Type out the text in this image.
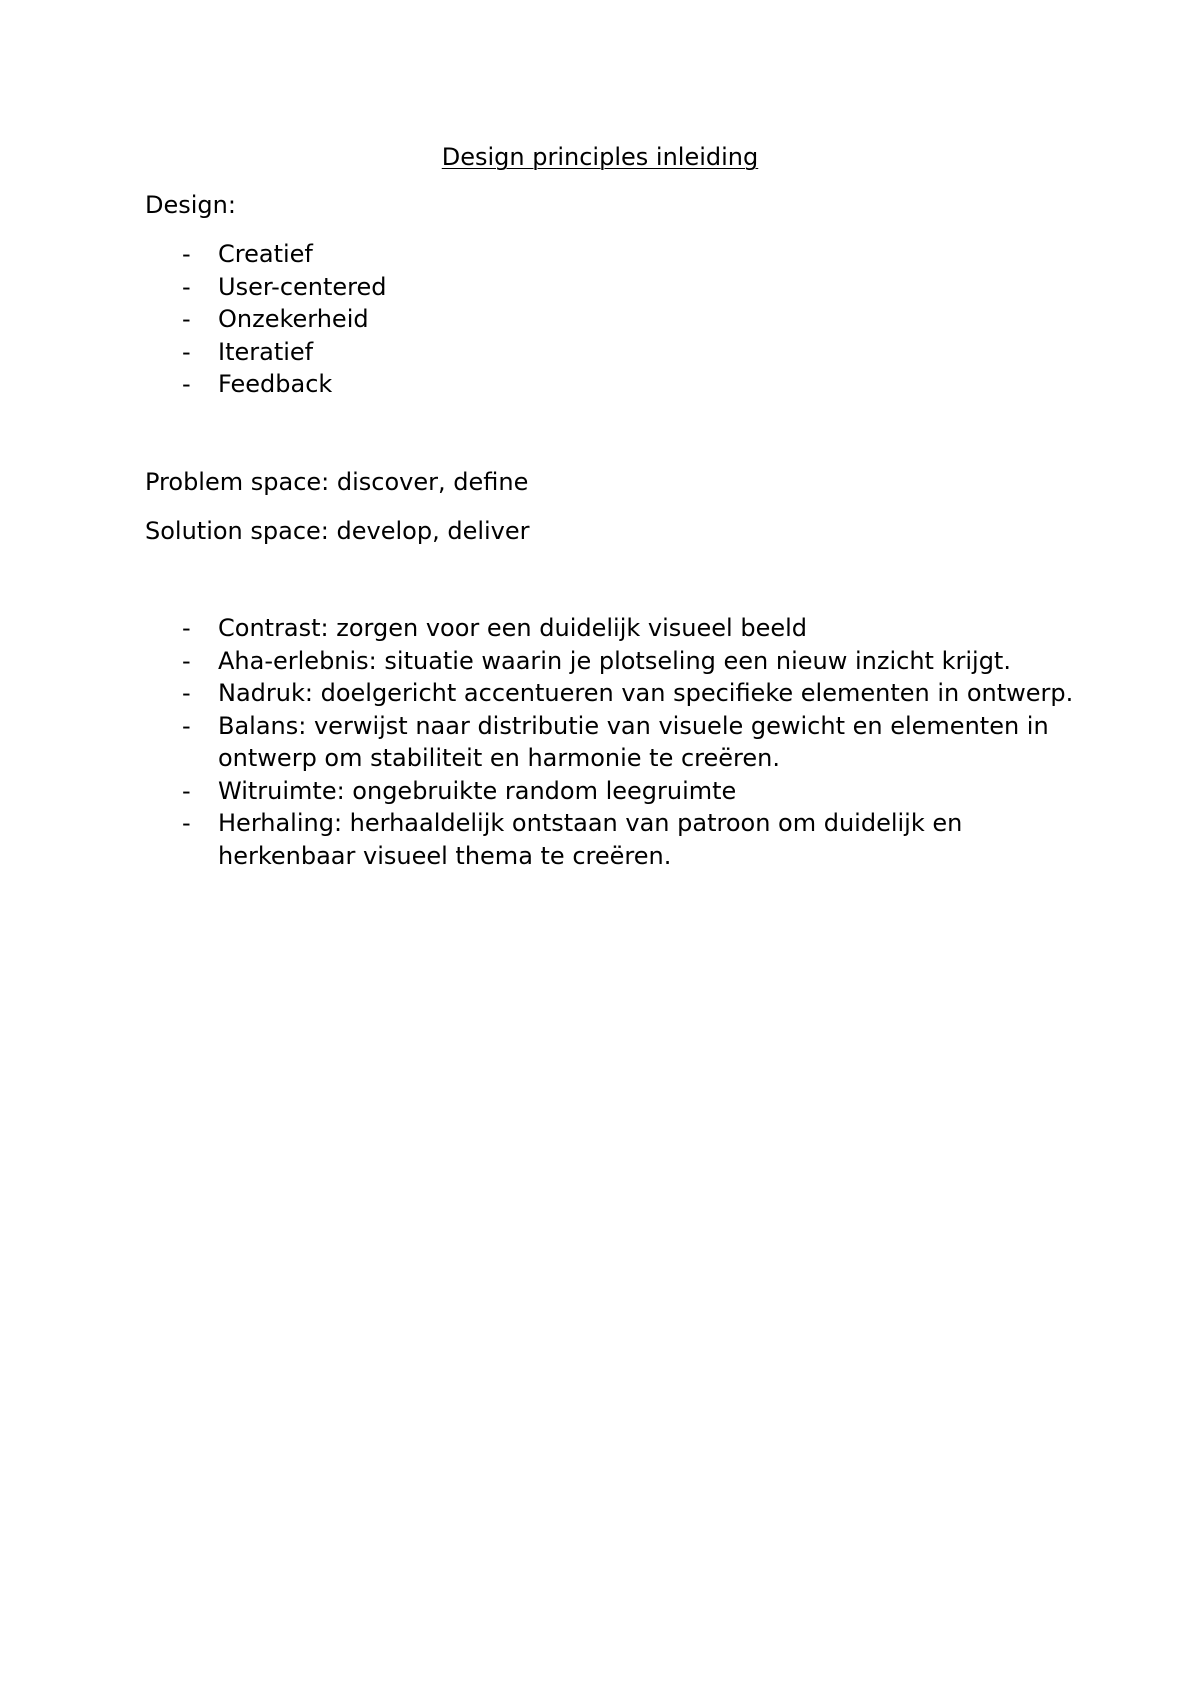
Design principles inleiding
Design:
- Creatief
- User-centered
- Onzekerheid
- Iteratief
- Feedback
Problem space: discover, define
Solution space: develop, deliver
- Contrast: zorgen voor een duidelijk visueel beeld
- Aha-erlebnis: situatie waarin je plotseling een nieuw inzicht krijgt.
- Nadruk: doelgericht accentueren van specifieke elementen in ontwerp.
- Balans: verwijst naar distributie van visuele gewicht en elementen in ontwerp om stabiliteit en harmonie te creëren.
- Witruimte: ongebruikte random leegruimte
- Herhaling: herhaaldelijk ontstaan van patroon om duidelijk en herkenbaar visueel thema te creëren.
